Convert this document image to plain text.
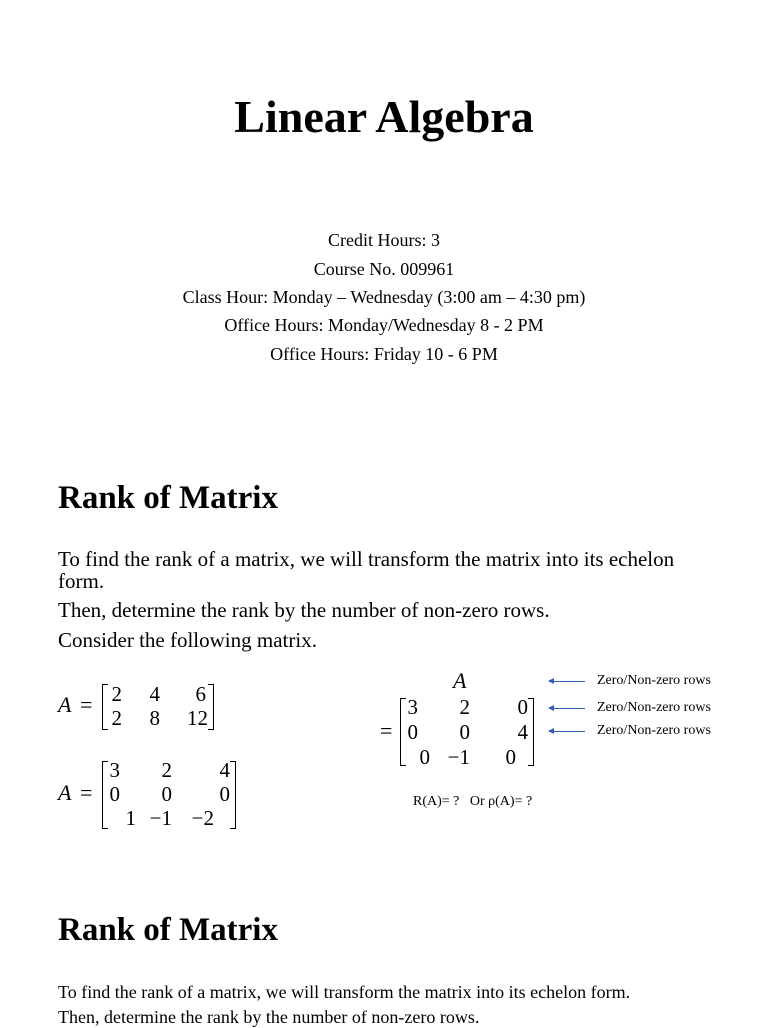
Linear Algebra
Credit Hours: 3
Course No. 009961
Class Hour: Monday – Wednesday (3:00 am – 4:30 pm)
Office Hours: Monday/Wednesday 8 - 2 PM
Office Hours: Friday 10 - 6 PM
Rank of Matrix
To find the rank of a matrix, we will transform the matrix into its echelon form.
Then, determine the rank by the number of non-zero rows.
Consider the following matrix.
A = 2 4	6
2 8 12
A =
3 2	4
0 0	0
1 −1 −2
A
=
3 2 0
0 0 4
0 −1 0
Zero/Non-zero rows
Zero/Non-zero rows
Zero/Non-zero rows
R(A)= ?   Or ρ(A)= ?
Rank of Matrix
To find the rank of a matrix, we will transform the matrix into its echelon form.
Then, determine the rank by the number of non-zero rows.
